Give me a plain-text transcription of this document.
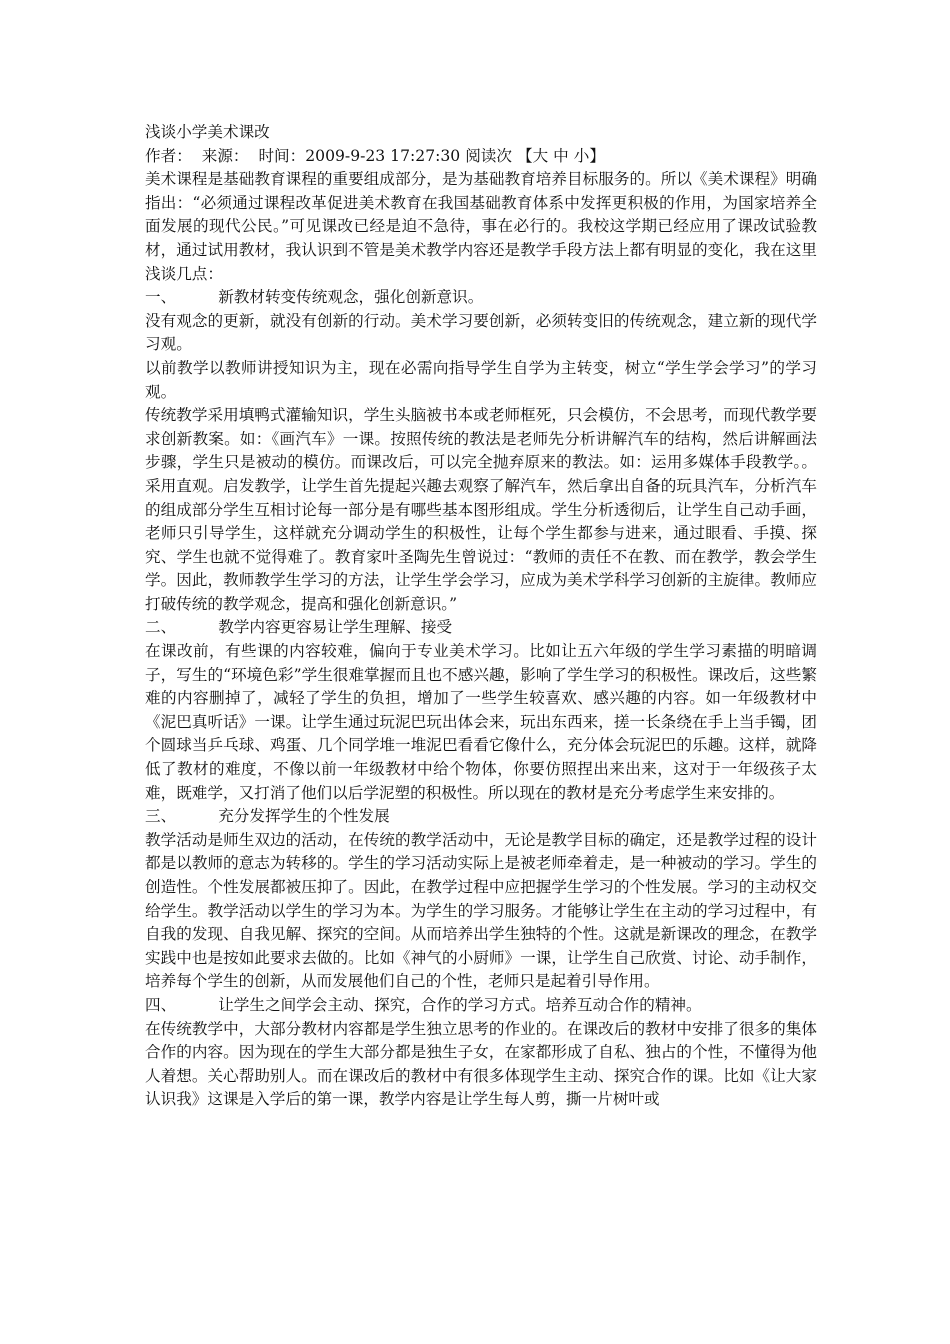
浅谈小学美术课改

作者： 来源： 时间：2009-9-23 17:27:30 阅读次 【大 中 小】

美术课程是基础教育课程的重要组成部分，是为基础教育培养目标服务的。所以《美术课程》明确指出：“必须通过课程改革促进美术教育在我国基础教育体系中发挥更积极的作用，为国家培养全面发展的现代公民。”可见课改已经是迫不急待，事在必行的。我校这学期已经应用了课改试验教材，通过试用教材，我认识到不管是美术教学内容还是教学手段方法上都有明显的变化，我在这里浅谈几点：

一、	新教材转变传统观念，强化创新意识。

没有观念的更新，就没有创新的行动。美术学习要创新，必须转变旧的传统观念，建立新的现代学习观。

以前教学以教师讲授知识为主，现在必需向指导学生自学为主转变，树立“学生学会学习”的学习观。

传统教学采用填鸭式灌输知识，学生头脑被书本或老师框死，只会模仿，不会思考，而现代教学要求创新教案。如：《画汽车》一课。按照传统的教法是老师先分析讲解汽车的结构，然后讲解画法步骤，学生只是被动的模仿。而课改后，可以完全抛弃原来的教法。如：运用多媒体手段教学。。采用直观。启发教学，让学生首先提起兴趣去观察了解汽车，然后拿出自备的玩具汽车，分析汽车的组成部分学生互相讨论每一部分是有哪些基本图形组成。学生分析透彻后，让学生自己动手画，老师只引导学生，这样就充分调动学生的积极性，让每个学生都参与进来，通过眼看、手摸、探究、学生也就不觉得难了。教育家叶圣陶先生曾说过：“教师的责任不在教、而在教学，教会学生学。因此，教师教学生学习的方法，让学生学会学习，应成为美术学科学习创新的主旋律。教师应打破传统的教学观念，提高和强化创新意识。”

二、	教学内容更容易让学生理解、接受

在课改前，有些课的内容较难，偏向于专业美术学习。比如让五六年级的学生学习素描的明暗调子，写生的“环境色彩”学生很难掌握而且也不感兴趣，影响了学生学习的积极性。课改后，这些繁难的内容删掉了，减轻了学生的负担，增加了一些学生较喜欢、感兴趣的内容。如一年级教材中《泥巴真听话》一课。让学生通过玩泥巴玩出体会来，玩出东西来，搓一长条绕在手上当手镯，团个圆球当乒乓球、鸡蛋、几个同学堆一堆泥巴看看它像什么，充分体会玩泥巴的乐趣。这样，就降低了教材的难度，不像以前一年级教材中给个物体，你要仿照捏出来出来，这对于一年级孩子太难，既难学，又打消了他们以后学泥塑的积极性。所以现在的教材是充分考虑学生来安排的。

三、	充分发挥学生的个性发展

教学活动是师生双边的活动，在传统的教学活动中，无论是教学目标的确定，还是教学过程的设计都是以教师的意志为转移的。学生的学习活动实际上是被老师牵着走，是一种被动的学习。学生的创造性。个性发展都被压抑了。因此，在教学过程中应把握学生学习的个性发展。学习的主动权交给学生。教学活动以学生的学习为本。为学生的学习服务。才能够让学生在主动的学习过程中，有自我的发现、自我见解、探究的空间。从而培养出学生独特的个性。这就是新课改的理念，在教学实践中也是按如此要求去做的。比如《神气的小厨师》一课，让学生自己欣赏、讨论、动手制作，培养每个学生的创新，从而发展他们自己的个性，老师只是起着引导作用。

四、	让学生之间学会主动、探究，合作的学习方式。培养互动合作的精神。

在传统教学中，大部分教材内容都是学生独立思考的作业的。在课改后的教材中安排了很多的集体合作的内容。因为现在的学生大部分都是独生子女，在家都形成了自私、独占的个性，不懂得为他人着想。关心帮助别人。而在课改后的教材中有很多体现学生主动、探究合作的课。比如《让大家认识我》这课是入学后的第一课，教学内容是让学生每人剪，撕一片树叶或
